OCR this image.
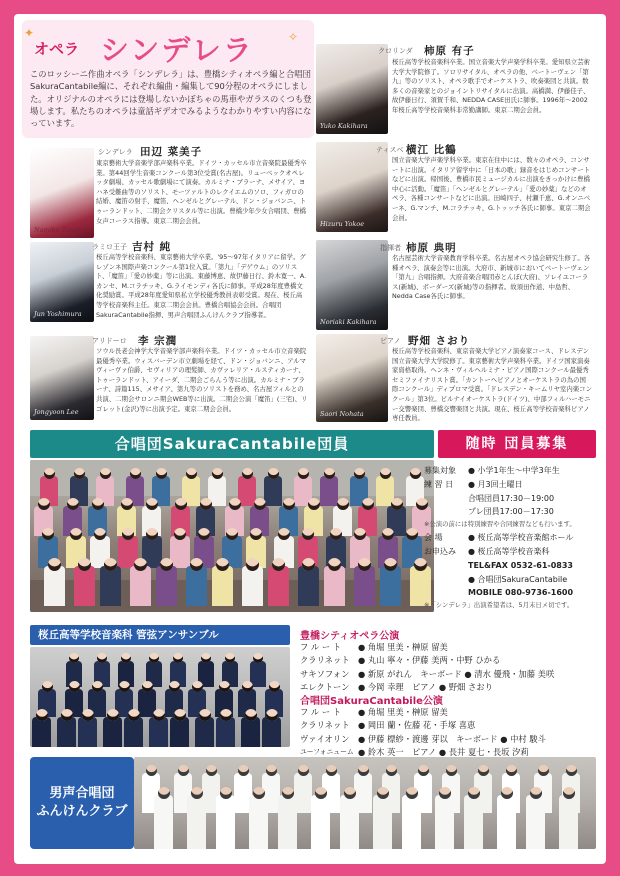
✦	✧
オペラ シンデレラ
このロッシーニ作曲オペラ「シンデレラ」は、豊橋シティオペラ編と合唱団SakuraCantabile編に、それぞれ編曲・編集して90分程のオペラにしました。オリジナルのオペラには登場しないかぼちゃの馬車やガラスのくつも登場します。私たちのオペラは童話ギデオでみるようなわかりやすい内容になっています。	Yuko Kakihara
クロリンダ 柿原 有子
桜丘高等学校音楽科卒業。国立音楽大学声楽学科卒業。愛知県立芸術大学大学院修了。ソロリサイタル、オペラの他、ベートーヴェン「第九」等のソリスト、オペラ歌手でオーケストラ、吹奏楽団と共演。数多くの音楽家とのジョイントリサイタルに出演。高橋満、伊藤佳子、故伊藤日行、須賀千和、NEDDA CASE田氏に師事。1996年～2002年桜丘高等学校音楽科非常勤講師。東京二期会会員。
Namiko Tanabe
シンデレラ 田辺 菜美子
東京藝術大学音楽学部声楽科卒業。ドイツ・カッセル市立音楽院最優秀卒業。第44回学生音楽コンクール第3位受賞(名古屋)。リューベックオペレッタ劇場、カッセル歌劇場にて演奏。カルミナ・ブラーナ、メサイア、ヨハネ受難曲等のソリスト、モーツァルトのレクイエムのソロ、フィガロの結婚、魔笛の射手、魔笛、ヘンゼルとグレーテル、ドン・ジョバンニ、トゥーランドット、二期会クリスタル等に出演。豊橋少年少女合唱団、豊橋女声コーラス指導。東京二期会会員。	Hizuru Yokoe
ティスベ 横江 比鶴
国立音楽大学声楽学科卒業。東京在住中には、数々のオペラ、コンサートに出演。イタリア留学中に「日本の歌」録音をはじめコンサートなどに出演。帰国後、豊橋市民ミュージカルに出演をきっかけに豊橋中心に活動。「魔笛」「ヘンゼルとグレーテル」「愛の妙薬」などのオペラ、各種コンサートなどに出演。田崎四子、村瀬千恵、G.オンニベーネ、G.マンチ、M.コラチッキ、G.トッッチ各氏に師事。東京二期会会員。
Jun Yoshimura
ラミロ王子 吉村 純
桜丘高等学校音楽科、東京藝術大学卒業。'95～97年イタリアに留学。グレゾンネ国際声楽コンクール第1位入賞。「第九」「デゲウム」のソリスト、「魔笛」「愛の妙薬」等に出演。東藤博恵、故伊藤日行、鈴木寛一、A.カンセ、M.コラチッキ、G.ライモンディ各氏に師事。平成28年度豊橋文化奨励賞。平成28年度愛知県私立学校優秀教員表彰受賞。現在、桜丘高等学校音楽科主任。東京二期会会員。豊橋合唱協会会員。合唱団SakuraCantabile指揮、男声合唱団ふんけんクラブ指導者。
Noriaki Kakihara
指揮者 柿原 典明
名古屋芸術大学音楽教育学科卒業。名古屋オペラ協会研究生修了。各種オペラ、演奏会等に出演。大府市、新城市においてベートーヴェン「第九」合唱指揮。大府音楽合唱団赤とんぼ(大府)、ソレイユコーラス(新城)、ボーダーズ(新城)等の指揮者。故須田作道、中島哲、Nedda Case各氏に師事。
Jongyoon Lee
アリドーロ 李 宗潤
ソウル長老会神学大学音楽学部声楽科卒業。ドイツ・カッセル市立音楽院最優秀卒業。ウィスバーデン市立劇場を経て、ドン・ジョバンニ、アルマヴィーヴァ伯爵、セヴィリアの理髪師、カヴァレリア・ルスティカーナ、トゥーランドット、アイーダ、二期会ごらんう等に出演。カルミナ・ブラーナ、詩篇115、メサイア、第九等のソリストを務め、名古屋フィルとの共演、二期会サロンニ期会WEB等に出演。二期会公演「魔笛」(三宅)、リゴレット(金沢)等に出演予定。東京二期会会員。
Saori Nohata
ピアノ 野畑 さおり
桜丘高等学校音楽科、東京音楽大学ピアノ演奏家コース、ドレスデン国立音楽大学大学院修了。東京藝術大学声楽科卒業。ドイツ国家演奏家資格取得。ヘンネ・ヴィルヘルミナ・ピアノ国際コンクール最優秀セミファイナリスト賞。「カントーヘビアノとオーケストラの為の国際コンクール」ディプロマ受賞。「ドレスデン・キームリヤ室内楽コンクール」第3位。ビルナイオーケストラ(ドイツ)、中部フィルハーモニー交響楽団、豊橋交響楽団と共演。現在、桜丘高等学校音楽科ピアノ専任教員。
合唱団SakuraCantabile団員	随時 団員募集
募集対象	● 小学1年生～中学3年生
練 習 日	● 月3回土曜日
合唱団員17:30－19:00
プレ団員17:00－17:30
※公演の前には特別練習や合同練習なども行います。
会 場	● 桜丘高等学校音楽館ホール
お申込み	● 桜丘高等学校音楽科
TEL&FAX 0532-61-0833
● 合唱団SakuraCantabile
MOBILE 080-9736-1600
※「シンデレラ」出演希望者は、5月末日メ切です。
桜丘高等学校音楽科 管弦アンサンブル	豊橋シティオペラ公演
フ ル ー ト	● 角堀 里美・榊原 留美
クラリネット	● 丸山 寧々・伊藤 美两・中野 ひかる
サキソフォン	● 新原 がれん　キーボード ● 清水 優飛・加藤 美咲
エレクトーン	● 今岡 幸理　ピアノ ● 野畑 さおり
合唱団SakuraCantabile公演
フ ル ー ト	● 角堀 里美・榊原 留美
クラリネット	● 岡田 蘭・佐藤 花・手塚 喜恵
ヴァイオリン	● 伊藤 標紗・渡邊 芽以　キーボード ● 中村 駿斗
ユーフォニューム ● 鈴木 英一　ピアノ ● 長井 夏七・長坂 汐莉
男声合唱団
ふんけんクラブ
